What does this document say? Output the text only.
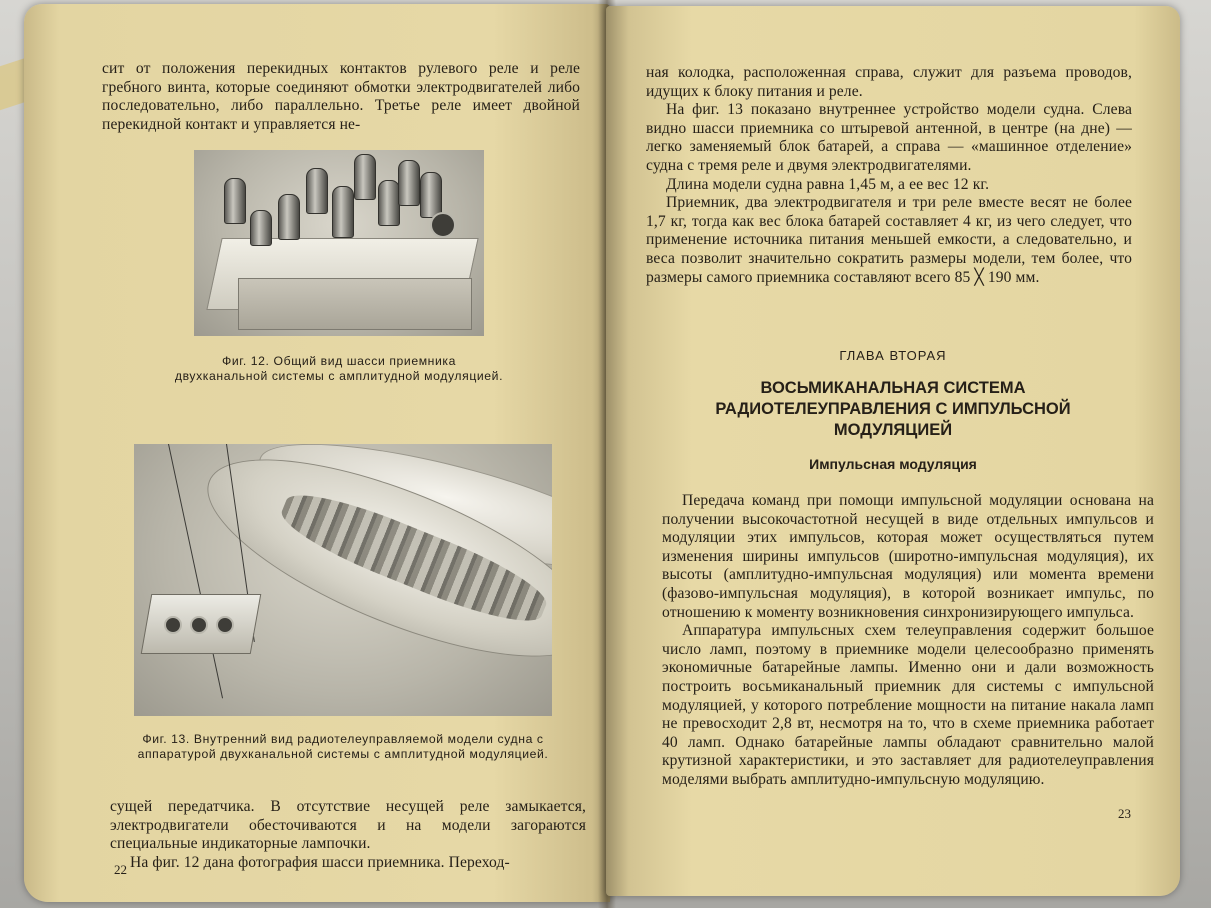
сит от положения перекидных контактов рулевого реле и реле гребного винта, которые соединяют обмотки электродвигателей либо последовательно, либо параллельно. Третье реле имеет двойной перекидной контакт и управляется не-

Фиг. 12. Общий вид шасси приемника двухканальной системы с амплитудной модуляцией.
Фиг. 13. Внутренний вид радиотелеуправляемой модели судна с аппаратурой двухканальной системы с амплитудной модуляцией.

сущей передатчика. В отсутствие несущей реле замыкается, электродвигатели обесточиваются и на модели загораются специальные индикаторные лампочки.

На фиг. 12 дана фотография шасси приемника. Переход-

22

ная колодка, расположенная справа, служит для разъема проводов, идущих к блоку питания и реле.

На фиг. 13 показано внутреннее устройство модели судна. Слева видно шасси приемника со штыревой антенной, в центре (на дне) — легко заменяемый блок батарей, а справа — «машинное отделение» судна с тремя реле и двумя электродвигателями.

Длина модели судна равна 1,45 м, а ее вес 12 кг.

Приемник, два электродвигателя и три реле вместе весят не более 1,7 кг, тогда как вес блока батарей составляет 4 кг, из чего следует, что применение источника питания меньшей емкости, а следовательно, и веса позволит значительно сократить размеры модели, тем более, что размеры самого приемника составляют всего 85 ╳ 190 мм.

ГЛАВА ВТОРАЯ
ВОСЬМИКАНАЛЬНАЯ СИСТЕМА
РАДИОТЕЛЕУПРАВЛЕНИЯ С ИМПУЛЬСНОЙ
МОДУЛЯЦИЕЙ
Импульсная модуляция

Передача команд при помощи импульсной модуляции основана на получении высокочастотной несущей в виде отдельных импульсов и модуляции этих импульсов, которая может осуществляться путем изменения ширины импульсов (широтно-импульсная модуляция), их высоты (амплитудно-импульсная модуляция) или момента времени (фазово-импульсная модуляция), в которой возникает импульс, по отношению к моменту возникновения синхронизирующего импульса.

Аппаратура импульсных схем телеуправления содержит большое число ламп, поэтому в приемнике модели целесообразно применять экономичные батарейные лампы. Именно они и дали возможность построить восьмиканальный приемник для системы с импульсной модуляцией, у которого потребление мощности на питание накала ламп не превосходит 2,8 вт, несмотря на то, что в схеме приемника работает 40 ламп. Однако батарейные лампы обладают сравнительно малой крутизной характеристики, и это заставляет для радиотелеуправления моделями выбрать амплитудно-импульсную модуляцию.

23
